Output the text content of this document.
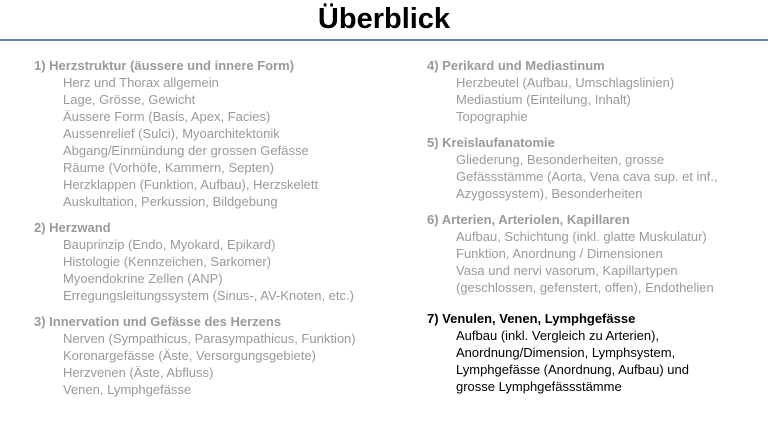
Überblick
1) Herzstruktur (äussere und innere Form)
Herz und Thorax allgemein
Lage, Grösse, Gewicht
Äussere Form (Basis, Apex, Facies)
Aussenrelief (Sulci), Myoarchitektonik
Abgang/Einmündung der grossen Gefässe
Räume (Vorhöfe, Kammern, Septen)
Herzklappen (Funktion, Aufbau), Herzskelett
Auskultation, Perkussion, Bildgebung
2) Herzwand
Bauprinzip (Endo, Myokard, Epikard)
Histologie (Kennzeichen, Sarkomer)
Myoendokrine Zellen (ANP)
Erregungsleitungssystem (Sinus-, AV-Knoten, etc.)
3) Innervation und Gefässe des Herzens
Nerven (Sympathicus, Parasympathicus, Funktion)
Koronargefässe (Äste, Versorgungsgebiete)
Herzvenen (Äste, Abfluss)
Venen, Lymphgefässe
4) Perikard und Mediastinum
Herzbeutel (Aufbau, Umschlagslinien)
Mediastium (Einteilung, Inhalt)
Topographie
5) Kreislaufanatomie
Gliederung, Besonderheiten, grosse
Gefässstämme (Aorta, Vena cava sup. et inf.,
Azygossystem), Besonderheiten
6) Arterien, Arteriolen, Kapillaren
Aufbau, Schichtung (inkl. glatte Muskulatur)
Funktion, Anordnung / Dimensionen
Vasa und nervi vasorum, Kapillartypen
(geschlossen, gefenstert, offen), Endothelien
7) Venulen, Venen, Lymphgefässe
Aufbau (inkl. Vergleich zu Arterien),
Anordnung/Dimension, Lymphsystem,
Lymphgefässe (Anordnung, Aufbau) und
grosse Lymphgefässstämme
